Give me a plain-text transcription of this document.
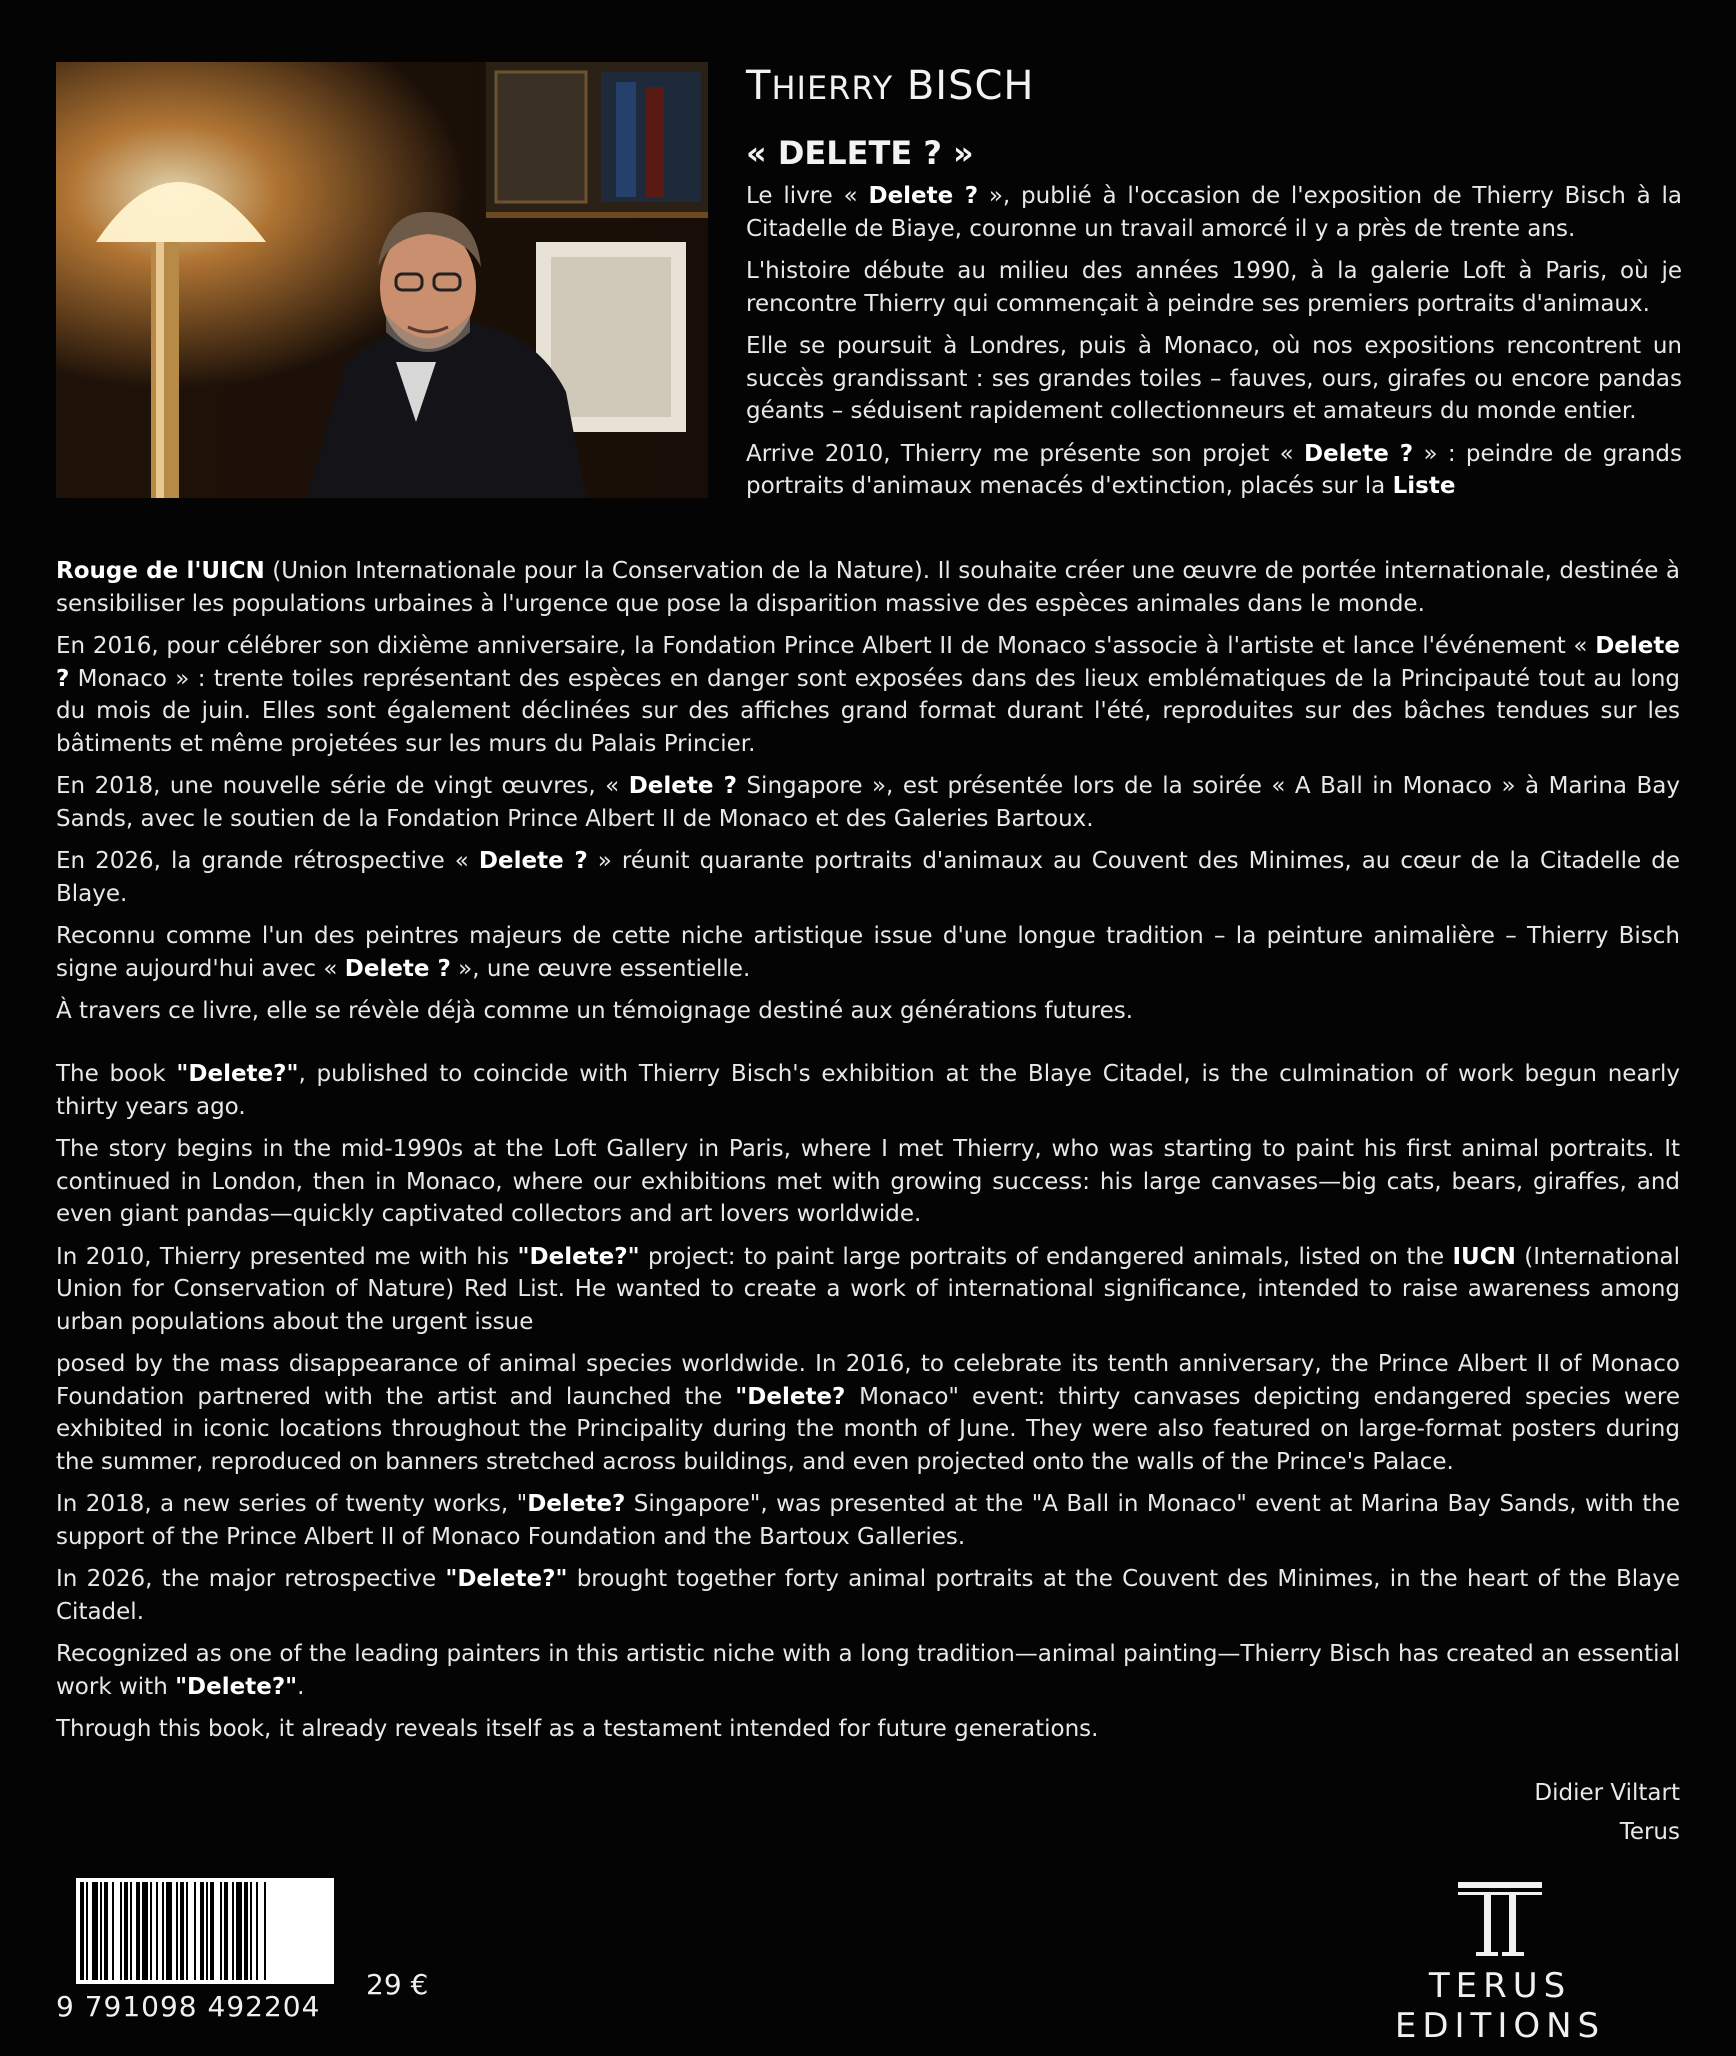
THIERRY BISCH
« DELETE ? »

Le livre « Delete ? », publié à l'occasion de l'exposition de Thierry Bisch à la Citadelle de Biaye, couronne un travail amorcé il y a près de trente ans.

L'histoire débute au milieu des années 1990, à la galerie Loft à Paris, où je rencontre Thierry qui commençait à peindre ses premiers portraits d'animaux.

Elle se poursuit à Londres, puis à Monaco, où nos expositions rencontrent un succès grandissant : ses grandes toiles – fauves, ours, girafes ou encore pandas géants – séduisent rapidement collectionneurs et amateurs du monde entier.

Arrive 2010, Thierry me présente son projet « Delete ? » : peindre de grands portraits d'animaux menacés d'extinction, placés sur la Liste

Rouge de l'UICN (Union Internationale pour la Conservation de la Nature). Il souhaite créer une œuvre de portée internationale, destinée à sensibiliser les populations urbaines à l'urgence que pose la disparition massive des espèces animales dans le monde.

En 2016, pour célébrer son dixième anniversaire, la Fondation Prince Albert II de Monaco s'associe à l'artiste et lance l'événement « Delete ? Monaco » : trente toiles représentant des espèces en danger sont exposées dans des lieux emblématiques de la Principauté tout au long du mois de juin. Elles sont également déclinées sur des affiches grand format durant l'été, reproduites sur des bâches tendues sur les bâtiments et même projetées sur les murs du Palais Princier.

En 2018, une nouvelle série de vingt œuvres, « Delete ? Singapore », est présentée lors de la soirée « A Ball in Monaco » à Marina Bay Sands, avec le soutien de la Fondation Prince Albert II de Monaco et des Galeries Bartoux.

En 2026, la grande rétrospective « Delete ? » réunit quarante portraits d'animaux au Couvent des Minimes, au cœur de la Citadelle de Blaye.

Reconnu comme l'un des peintres majeurs de cette niche artistique issue d'une longue tradition – la peinture animalière – Thierry Bisch signe aujourd'hui avec « Delete ? », une œuvre essentielle.

À travers ce livre, elle se révèle déjà comme un témoignage destiné aux générations futures.

The book "Delete?", published to coincide with Thierry Bisch's exhibition at the Blaye Citadel, is the culmination of work begun nearly thirty years ago.

The story begins in the mid-1990s at the Loft Gallery in Paris, where I met Thierry, who was starting to paint his first animal portraits. It continued in London, then in Monaco, where our exhibitions met with growing success: his large canvases—big cats, bears, giraffes, and even giant pandas—quickly captivated collectors and art lovers worldwide.

In 2010, Thierry presented me with his "Delete?" project: to paint large portraits of endangered animals, listed on the IUCN (International Union for Conservation of Nature) Red List. He wanted to create a work of international significance, intended to raise awareness among urban populations about the urgent issue

posed by the mass disappearance of animal species worldwide. In 2016, to celebrate its tenth anniversary, the Prince Albert II of Monaco Foundation partnered with the artist and launched the "Delete? Monaco" event: thirty canvases depicting endangered species were exhibited in iconic locations throughout the Principality during the month of June. They were also featured on large-format posters during the summer, reproduced on banners stretched across buildings, and even projected onto the walls of the Prince's Palace.

In 2018, a new series of twenty works, "Delete? Singapore", was presented at the "A Ball in Monaco" event at Marina Bay Sands, with the support of the Prince Albert II of Monaco Foundation and the Bartoux Galleries.

In 2026, the major retrospective "Delete?" brought together forty animal portraits at the Couvent des Minimes, in the heart of the Blaye Citadel.

Recognized as one of the leading painters in this artistic niche with a long tradition—animal painting—Thierry Bisch has created an essential work with "Delete?".

Through this book, it already reveals itself as a testament intended for future generations.

Didier Viltart
Terus
9 791098 492204
29 €	TERUS EDITIONS
